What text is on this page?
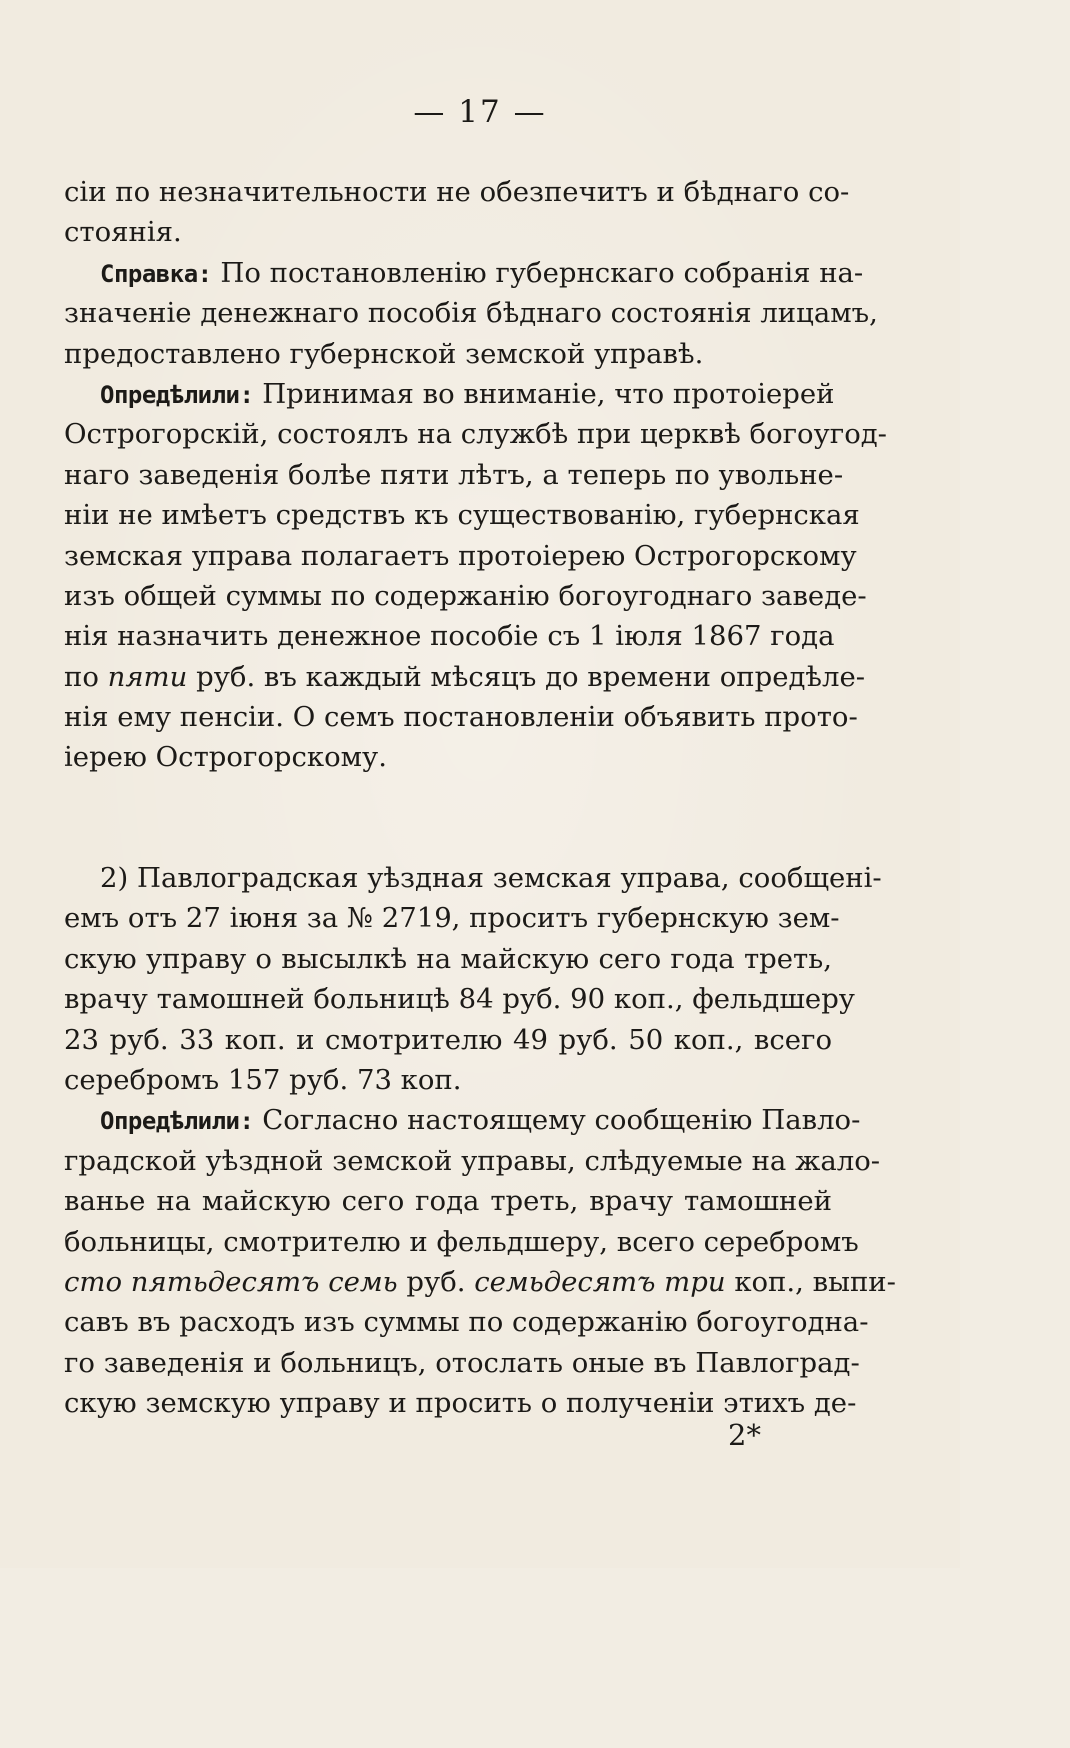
— 17 —
сіи по незначительности не обезпечитъ и бѣднаго со-
стоянія.
Справка: По постановленію губернскаго собранія на-
значеніе денежнаго пособія бѣднаго состоянія лицамъ,
предоставлено губернской земской управѣ.
Опредѣлили: Принимая во вниманіе, что протоіерей
Острогорскій, состоялъ на службѣ при церквѣ богоугод-
наго заведенія болѣе пяти лѣтъ, а теперь по увольне-
ніи не имѣетъ средствъ къ существованію, губернская
земская управа полагаетъ протоіерею Острогорскому
изъ общей суммы по содержанію богоугоднаго заведе-
нія назначить денежное пособіе съ 1 іюля 1867 года
по пяти руб. въ каждый мѣсяцъ до времени опредѣле-
нія ему пенсіи. О семъ постановленіи объявить прото-
іерею Острогорскому.
2) Павлоградская уѣздная земская управа, сообщені-
емъ отъ 27 іюня за № 2719, проситъ губернскую зем-
скую управу о высылкѣ на майскую сего года треть,
врачу тамошней больницѣ 84 руб. 90 коп., фельдшеру
23 руб. 33 коп. и смотрителю 49 руб. 50 коп., всего
серебромъ 157 руб. 73 коп.
Опредѣлили: Согласно настоящему сообщенію Павло-
градской уѣздной земской управы, слѣдуемые на жало-
ванье на майскую сего года треть, врачу тамошней
больницы, смотрителю и фельдшеру, всего серебромъ
сто пятьдесятъ семь руб. семьдесятъ три коп., выпи-
савъ въ расходъ изъ суммы по содержанію богоугодна-
го заведенія и больницъ, отослать оные въ Павлоград-
скую земскую управу и просить о полученіи этихъ де-
2*
